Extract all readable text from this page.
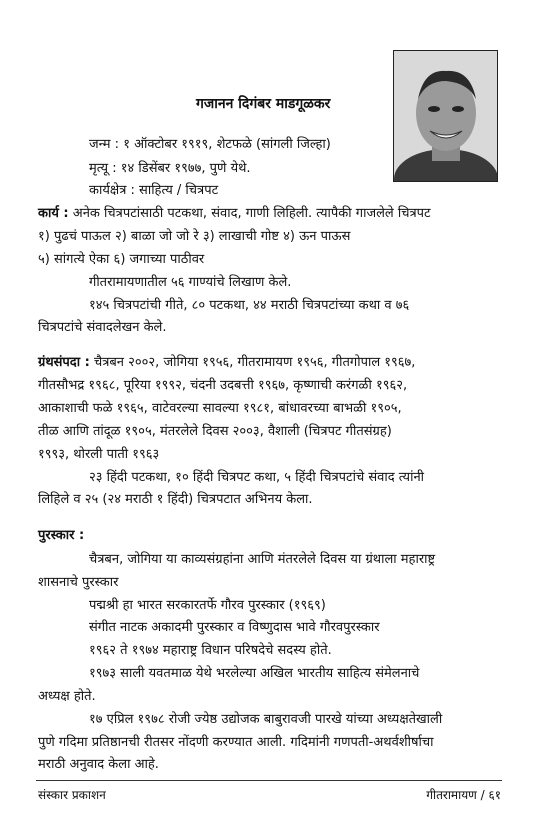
गजानन दिगंबर माडगूळकर
जन्म : १ ऑक्टोबर १९१९, शेटफळे (सांगली जिल्हा)
मृत्यू : १४ डिसेंबर १९७७, पुणे येथे.
कार्यक्षेत्र : साहित्य / चित्रपट
कार्य : अनेक चित्रपटांसाठी पटकथा, संवाद, गाणी लिहिली. त्यापैकी गाजलेले चित्रपट
१) पुढचं पाऊल २) बाळा जो जो रे ३) लाखाची गोष्ट ४) ऊन पाऊस
५) सांगत्ये ऐका ६) जगाच्या पाठीवर
गीतरामायणातील ५६ गाण्यांचे लिखाण केले.
१४५ चित्रपटांची गीते, ८० पटकथा, ४४ मराठी चित्रपटांच्या कथा व ७६
चित्रपटांचे संवादलेखन केले.
ग्रंथसंपदा : चैत्रबन २००२, जोगिया १९५६, गीतरामायण १९५६, गीतगोपाल १९६७,
गीतसौभद्र १९६८, पूरिया १९९२, चंदनी उदबत्ती १९६७, कृष्णाची करंगळी १९६२,
आकाशाची फळे १९६५, वाटेवरल्या सावल्या १९८१, बांधावरच्या बाभळी १९०५,
तीळ आणि तांदूळ १९०५, मंतरलेले दिवस २००३, वैशाली (चित्रपट गीतसंग्रह)
१९९३, थोरली पाती १९६३
२३ हिंदी पटकथा, १० हिंदी चित्रपट कथा, ५ हिंदी चित्रपटांचे संवाद त्यांनी
लिहिले व २५ (२४ मराठी १ हिंदी) चित्रपटात अभिनय केला.
पुरस्कार :
चैत्रबन, जोगिया या काव्यसंग्रहांना आणि मंतरलेले दिवस या ग्रंथाला महाराष्ट्र
शासनाचे पुरस्कार
पद्मश्री हा भारत सरकारतर्फे गौरव पुरस्कार (१९६९)
संगीत नाटक अकादमी पुरस्कार व विष्णुदास भावे गौरवपुरस्कार
१९६२ ते १९७४ महाराष्ट्र विधान परिषदेचे सदस्य होते.
१९७३ साली यवतमाळ येथे भरलेल्या अखिल भारतीय साहित्य संमेलनाचे
अध्यक्ष होते.
१७ एप्रिल १९७८ रोजी ज्येष्ठ उद्योजक बाबुरावजी पारखे यांच्या अध्यक्षतेखाली
पुणे गदिमा प्रतिष्ठानची रीतसर नोंदणी करण्यात आली. गदिमांनी गणपती-अथर्वशीर्षाचा
मराठी अनुवाद केला आहे.
संस्कार प्रकाशन	गीतरामायण / ६१
